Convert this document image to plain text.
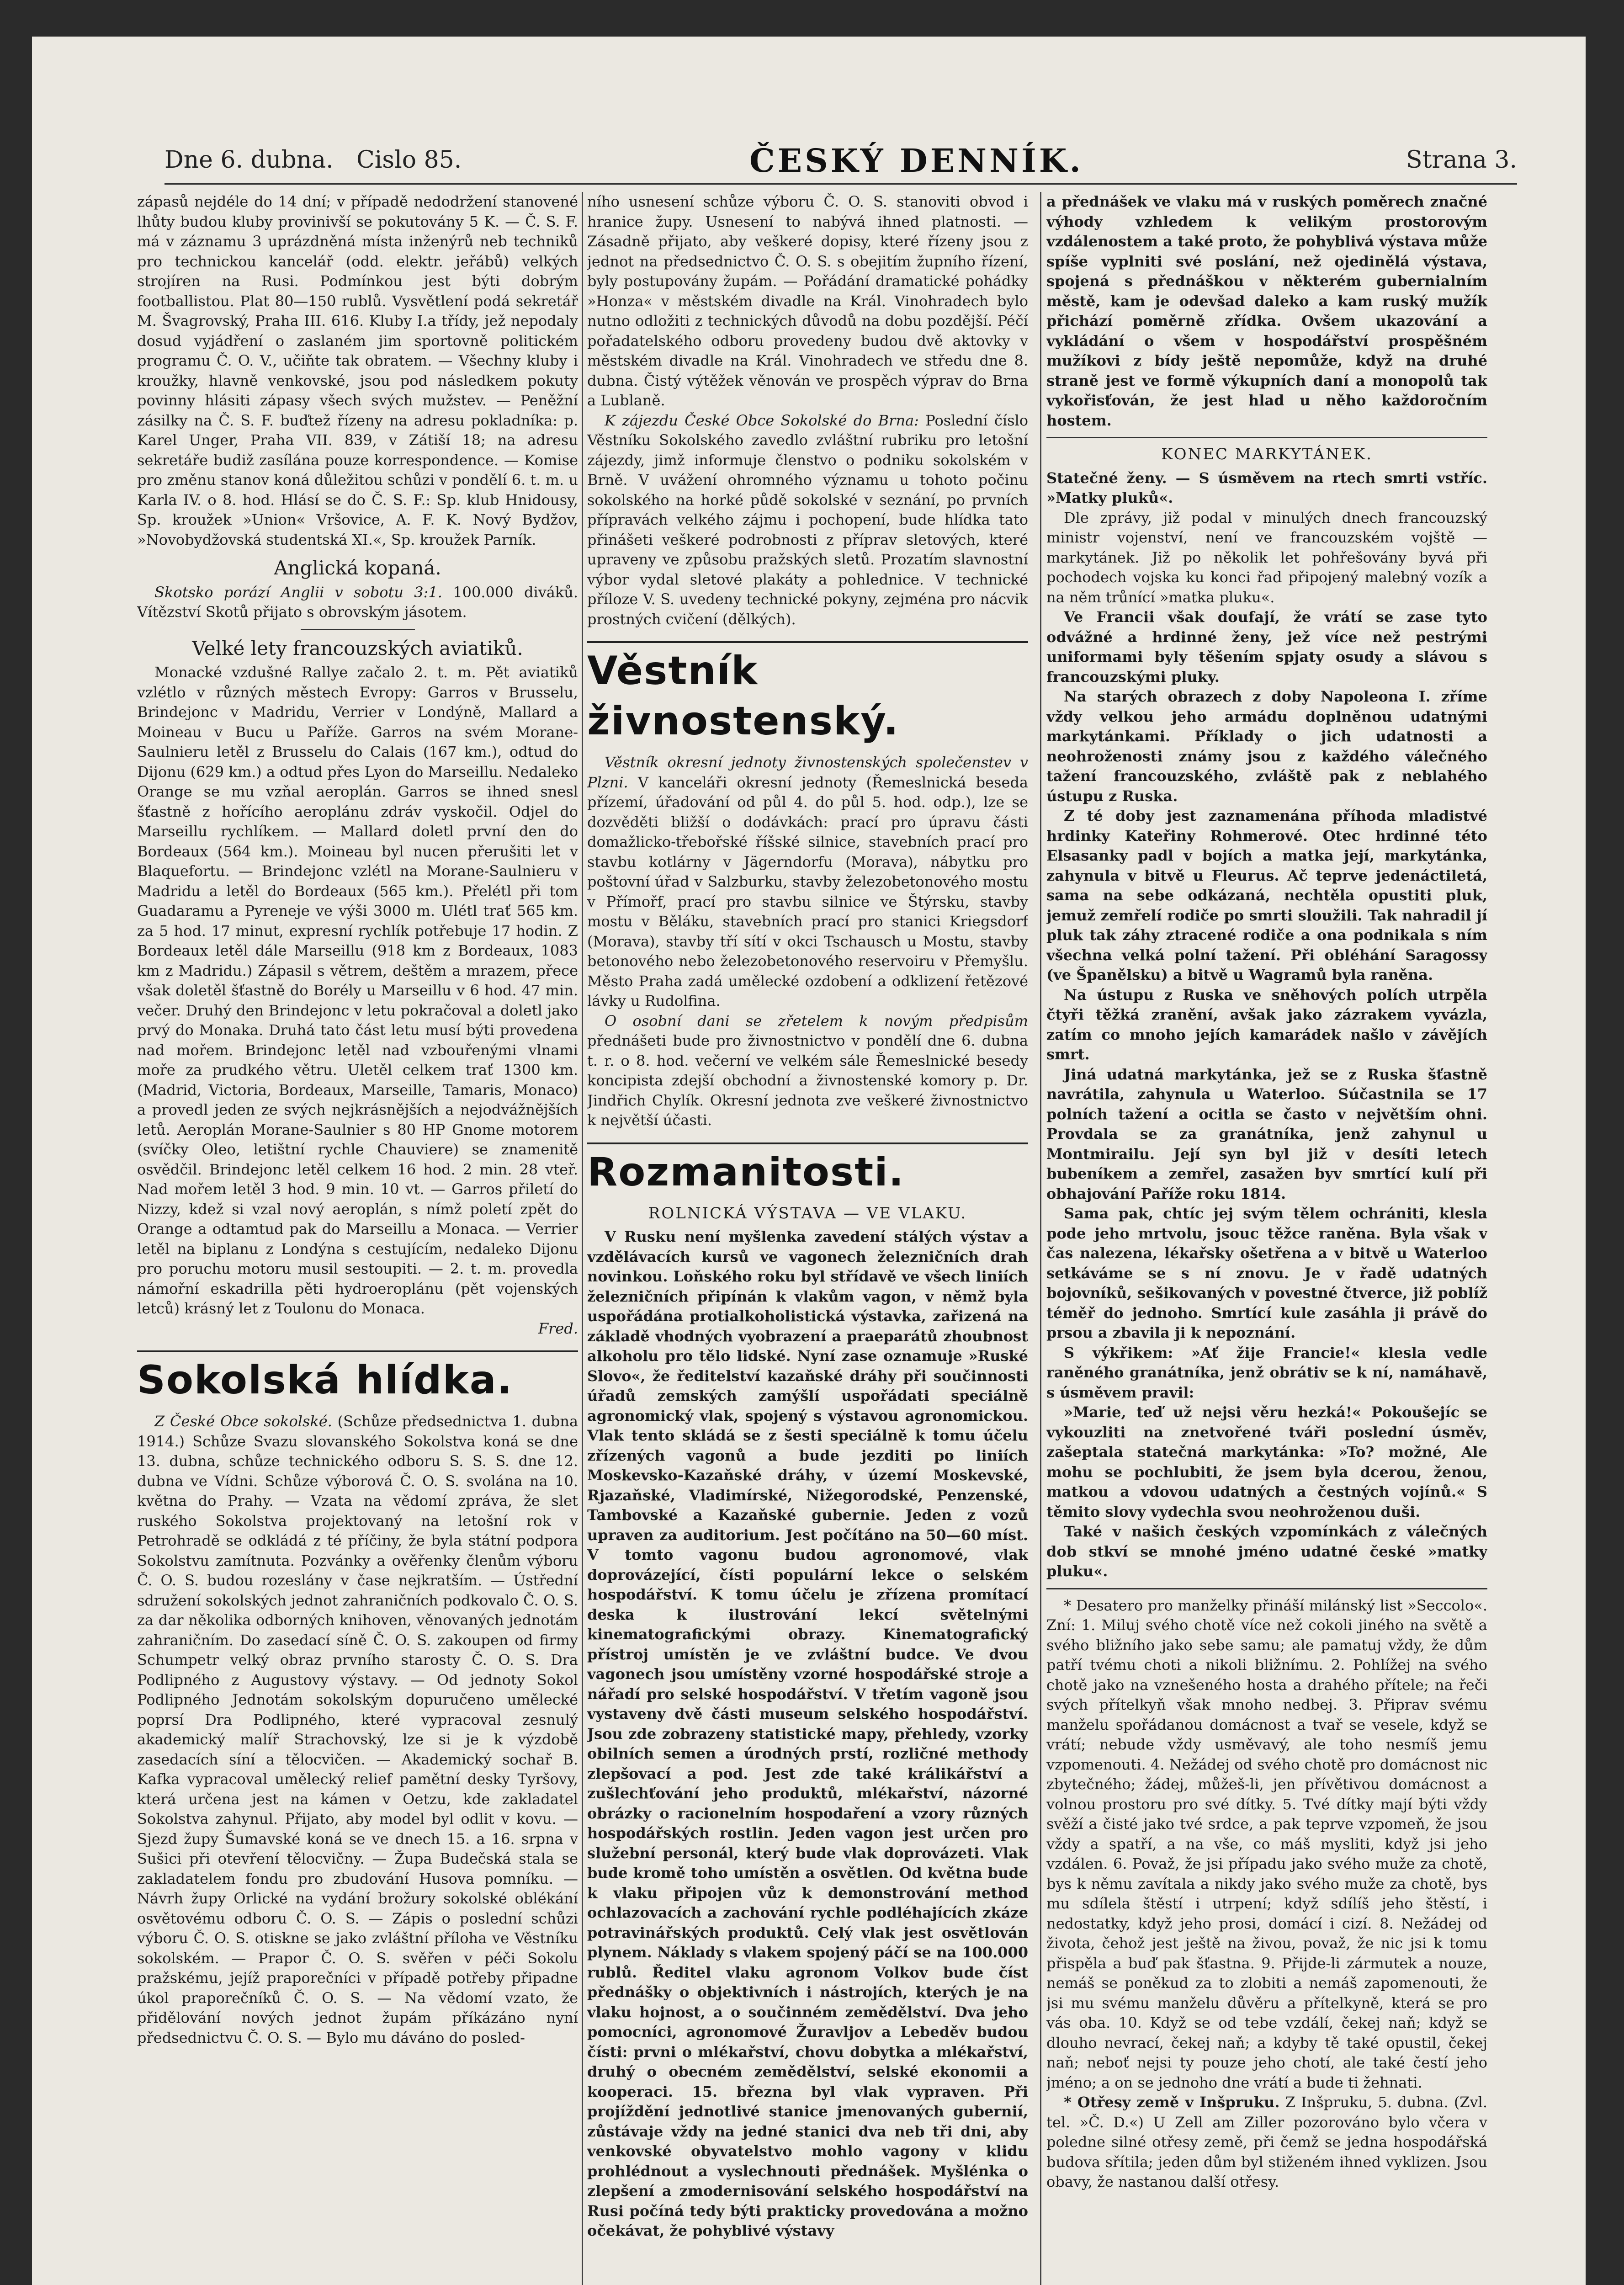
Dne 6. dubna. Cislo 85.	ČESKÝ DENNÍK.	Strana 3.

zápasů nejdéle do 14 dní; v případě nedodržení stanovené lhůty budou kluby provinivší se pokutovány 5 K. — Č. S. F. má v záznamu 3 uprázdněná místa inženýrů neb techniků pro technickou kancelář (odd. elektr. jeřábů) velkých strojíren na Rusi. Podmínkou jest býti dobrým footballistou. Plat 80—150 rublů. Vysvětlení podá sekretář M. Švagrovský, Praha III. 616. Kluby I.a třídy, jež nepodaly dosud vyjádření o zaslaném jim sportovně politickém programu Č. O. V., učiňte tak obratem. — Všechny kluby i kroužky, hlavně venkovské, jsou pod následkem pokuty povinny hlásiti zápasy všech svých mužstev. — Peněžní zásilky na Č. S. F. buďtež řízeny na adresu pokladníka: p. Karel Unger, Praha VII. 839, v Zátiší 18; na adresu sekretáře budiž zasílána pouze korrespondence. — Komise pro změnu stanov koná důležitou schůzi v pondělí 6. t. m. u Karla IV. o 8. hod. Hlásí se do Č. S. F.: Sp. klub Hnidousy, Sp. kroužek »Union« Vršovice, A. F. K. Nový Bydžov, »Novobydžovská studentská XI.«, Sp. kroužek Parník.

Anglická kopaná.

Skotsko porází Anglii v sobotu 3:1. 100.000 diváků. Vítězství Skotů přijato s obrovským jásotem.

Velké lety francouzských aviatiků.

Monacké vzdušné Rallye začalo 2. t. m. Pět aviatiků vzlétlo v různých městech Evropy: Garros v Brusselu, Brindejonc v Madridu, Verrier v Londýně, Mallard a Moineau v Bucu u Paříže. Garros na svém Morane-Saulnieru letěl z Brusselu do Calais (167 km.), odtud do Dijonu (629 km.) a odtud přes Lyon do Marseillu. Nedaleko Orange se mu vzňal aeroplán. Garros se ihned snesl šťastně z hořícího aeroplánu zdráv vyskočil. Odjel do Marseillu rychlíkem. — Mallard doletl první den do Bordeaux (564 km.). Moineau byl nucen přerušiti let v Blaquefortu. — Brindejonc vzlétl na Morane-Saulnieru v Madridu a letěl do Bordeaux (565 km.). Přelétl při tom Guadaramu a Pyreneje ve výši 3000 m. Ulétl trať 565 km. za 5 hod. 17 minut, expresní rychlík potřebuje 17 hodin. Z Bordeaux letěl dále Marseillu (918 km z Bordeaux, 1083 km z Madridu.) Zápasil s větrem, deštěm a mrazem, přece však doletěl šťastně do Borély u Marseillu v 6 hod. 47 min. večer. Druhý den Brindejonc v letu pokračoval a doletl jako prvý do Monaka. Druhá tato část letu musí býti provedena nad mořem. Brindejonc letěl nad vzbouřenými vlnami moře za prudkého větru. Uletěl celkem trať 1300 km. (Madrid, Victoria, Bordeaux, Marseille, Tamaris, Monaco) a provedl jeden ze svých nejkrásnějších a nejodvážnějších letů. Aeroplán Morane-Saulnier s 80 HP Gnome motorem (svíčky Oleo, letištní rychle Chauviere) se znamenitě osvědčil. Brindejonc letěl celkem 16 hod. 2 min. 28 vteř. Nad mořem letěl 3 hod. 9 min. 10 vt. — Garros přiletí do Nizzy, kdež si vzal nový aeroplán, s nímž poletí zpět do Orange a odtamtud pak do Marseillu a Monaca. — Verrier letěl na biplanu z Londýna s cestujícím, nedaleko Dijonu pro poruchu motoru musil sestoupiti. — 2. t. m. provedla námořní eskadrilla pěti hydroeroplánu (pět vojenských letců) krásný let z Toulonu do Monaca.

Fred.

Sokolská hlídka.

Z České Obce sokolské. (Schůze předsednictva 1. dubna 1914.) Schůze Svazu slovanského Sokolstva koná se dne 13. dubna, schůze technického odboru S. S. S. dne 12. dubna ve Vídni. Schůze výborová Č. O. S. svolána na 10. května do Prahy. — Vzata na vědomí zpráva, že slet ruského Sokolstva projektovaný na letošní rok v Petrohradě se odkládá z té příčiny, že byla státní podpora Sokolstvu zamítnuta. Pozvánky a ověřenky členům výboru Č. O. S. budou rozeslány v čase nejkratším. — Ústřední sdružení sokolských jednot zahraničních podkovalo Č. O. S. za dar několika odborných knihoven, věnovaných jednotám zahraničním. Do zasedací síně Č. O. S. zakoupen od firmy Schumpetr velký obraz prvního starosty Č. O. S. Dra Podlipného z Augustovy výstavy. — Od jednoty Sokol Podlipného Jednotám sokolským dopuručeno umělecké poprsí Dra Podlipného, které vypracoval zesnulý akademický malíř Strachovský, lze si je k výzdobě zasedacích síní a tělocvičen. — Akademický sochař B. Kafka vypracoval umělecký relief pamětní desky Tyršovy, která určena jest na kámen v Oetzu, kde zakladatel Sokolstva zahynul. Přijato, aby model byl odlit v kovu. — Sjezd župy Šumavské koná se ve dnech 15. a 16. srpna v Sušici při otevření tělocvičny. — Župa Budečská stala se zakladatelem fondu pro zbudování Husova pomníku. — Návrh župy Orlické na vydání brožury sokolské oblékání osvětovému odboru Č. O. S. — Zápis o poslední schůzi výboru Č. O. S. otiskne se jako zvláštní příloha ve Věstníku sokolském. — Prapor Č. O. S. svěřen v péči Sokolu pražskému, jejíž praporečníci v případě potřeby připadne úkol praporečníků Č. O. S. — Na vědomí vzato, že přidělování nových jednot župám příkázáno nyní předsednictvu Č. O. S. — Bylo mu dáváno do posled-

ního usnesení schůze výboru Č. O. S. stanoviti obvod i hranice župy. Usnesení to nabývá ihned platnosti. — Zásadně přijato, aby veškeré dopisy, které řízeny jsou z jednot na předsednictvo Č. O. S. s obejitím župního řízení, byly postupovány župám. — Pořádání dramatické pohádky »Honza« v městském divadle na Král. Vinohradech bylo nutno odložiti z technických důvodů na dobu pozdější. Péčí pořadatelského odboru provedeny budou dvě aktovky v městském divadle na Král. Vinohradech ve středu dne 8. dubna. Čistý výtěžek věnován ve prospěch výprav do Brna a Lublaně.

K zájezdu České Obce Sokolské do Brna: Poslední číslo Věstníku Sokolského zavedlo zvláštní rubriku pro letošní zájezdy, jimž informuje členstvo o podniku sokolském v Brně. V uvážení ohromného významu u tohoto počinu sokolského na horké půdě sokolské v seznání, po prvních přípravách velkého zájmu i pochopení, bude hlídka tato přinášeti veškeré podrobnosti z příprav sletových, které upraveny ve způsobu pražských sletů. Prozatím slavnostní výbor vydal sletové plakáty a pohlednice. V technické příloze V. S. uvedeny technické pokyny, zejména pro nácvik prostných cvičení (dělkých).

Věstník živnostenský.

Věstník okresní jednoty živnostenských společenstev v Plzni. V kanceláři okresní jednoty (Řemeslnická beseda přízemí, úřadování od půl 4. do půl 5. hod. odp.), lze se dozvěděti bližší o dodávkách: prací pro úpravu části domažlicko-třebořské říšské silnice, stavebních prací pro stavbu kotlárny v Jägerndorfu (Morava), nábytku pro poštovní úřad v Salzburku, stavby železobetonového mostu v Přímořf, prací pro stavbu silnice ve Štýrsku, stavby mostu v Běláku, stavebních prací pro stanici Kriegsdorf (Morava), stavby tří sítí v okci Tschausch u Mostu, stavby betonového nebo železobetonového reservoiru v Přemyšlu. Město Praha zadá umělecké ozdobení a odklizení řetězové lávky u Rudolfina.

O osobní dani se zřetelem k novým předpisům přednášeti bude pro živnostnictvo v pondělí dne 6. dubna t. r. o 8. hod. večerní ve velkém sále Řemeslnické besedy koncipista zdejší obchodní a živnostenské komory p. Dr. Jindřich Chylík. Okresní jednota zve veškeré živnostnictvo k největší účasti.

Rozmanitosti.

ROLNICKÁ VÝSTAVA — VE VLAKU.

V Rusku není myšlenka zavedení stálých výstav a vzdělávacích kursů ve vagonech železničních drah novinkou. Loňského roku byl střídavě ve všech liniích železničních připínán k vlakům vagon, v němž byla uspořádána protialkoholistická výstavka, zařizená na základě vhodných vyobrazení a praeparátů zhoubnost alkoholu pro tělo lidské. Nyní zase oznamuje »Ruské Slovo«, že ředitelství kazaňské dráhy při součinnosti úřadů zemských zamýšlí uspořádati speciálně agronomický vlak, spojený s výstavou agronomickou. Vlak tento skládá se z šesti speciálně k tomu účelu zřízených vagonů a bude jezditi po liniích Moskevsko-Kazaňské dráhy, v území Moskevské, Rjazaňské, Vladimírské, Nižegorodské, Penzenské, Tambovské a Kazaňské gubernie. Jeden z vozů upraven za auditorium. Jest počítáno na 50—60 míst. V tomto vagonu budou agronomové, vlak doprovázející, čísti populární lekce o selském hospodářství. K tomu účelu je zřízena promítací deska k ilustrování lekcí světelnými kinematografickými obrazy. Kinematografický přístroj umístěn je ve zvláštní budce. Ve dvou vagonech jsou umístěny vzorné hospodářské stroje a nářadí pro selské hospodářství. V třetím vagoně jsou vystaveny dvě části museum selského hospodářství. Jsou zde zobrazeny statistické mapy, přehledy, vzorky obilních semen a úrodných prstí, rozličné methody zlepšovací a pod. Jest zde také králikářství a zušlechťování jeho produktů, mlékařství, názorné obrázky o racionelním hospodaření a vzory různých hospodářských rostlin. Jeden vagon jest určen pro služební personál, který bude vlak doprovázeti. Vlak bude kromě toho umístěn a osvětlen. Od května bude k vlaku připojen vůz k demonstrování method ochlazovacích a zachování rychle podléhajících zkáze potravinářských produktů. Celý vlak jest osvětlován plynem. Náklady s vlakem spojený páčí se na 100.000 rublů. Ředitel vlaku agronom Volkov bude číst přednášky o objektivních i nástrojích, kterých je na vlaku hojnost, a o součinném zemědělství. Dva jeho pomocníci, agronomové Žuravljov a Lebeděv budou čísti: prvni o mlékařství, chovu dobytka a mlékařství, druhý o obecném zemědělství, selské ekonomii a kooperaci. 15. března byl vlak vypraven. Při projíždění jednotlivé stanice jmenovaných gubernií, zůstávaje vždy na jedné stanici dva neb tři dni, aby venkovské obyvatelstvo mohlo vagony v klidu prohlédnout a vyslechnouti přednášek. Myšlénka o zlepšení a zmodernisování selského hospodářství na Rusi počíná tedy býti prakticky provedována a možno očekávat, že pohyblivé výstavy

a přednášek ve vlaku má v ruských poměrech značné výhody vzhledem k velikým prostorovým vzdálenostem a také proto, že pohyblivá výstava může spíše vyplniti své poslání, než ojedinělá výstava, spojená s přednáškou v některém gubernialním městě, kam je odevšad daleko a kam ruský mužík přichází poměrně zřídka. Ovšem ukazování a vykládání o všem v hospodářství prospěšném mužíkovi z bídy ještě nepomůže, když na druhé straně jest ve formě výkupních daní a monopolů tak vykořisťován, že jest hlad u něho každoročním hostem.

KONEC MARKYTÁNEK.

Statečné ženy. — S úsměvem na rtech smrti vstříc. »Matky pluků«.

Dle zprávy, již podal v minulých dnech francouzský ministr vojenství, není ve francouzském vojště — markytánek. Již po několik let pohřešovány byvá při pochodech vojska ku konci řad připojený malebný vozík a na něm trůnící »matka pluku«.

Ve Francii však doufají, že vrátí se zase tyto odvážné a hrdinné ženy, jež více než pestrými uniformami byly těšením spjaty osudy a slávou s francouzskými pluky.

Na starých obrazech z doby Napoleona I. zříme vždy velkou jeho armádu doplněnou udatnými markytánkami. Příklady o jich udatnosti a neohroženosti známy jsou z každého válečného tažení francouzského, zvláště pak z neblahého ústupu z Ruska.

Z té doby jest zaznamenána příhoda mladistvé hrdinky Kateřiny Rohmerové. Otec hrdinné této Elsasanky padl v bojích a matka její, markytánka, zahynula v bitvě u Fleurus. Ač teprve jedenáctiletá, sama na sebe odkázaná, nechtěla opustiti pluk, jemuž zemřelí rodiče po smrti sloužili. Tak nahradil jí pluk tak záhy ztracené rodiče a ona podnikala s ním všechna velká polní tažení. Při obléhání Saragossy (ve Španělsku) a bitvě u Wagramů byla raněna.

Na ústupu z Ruska ve sněhových polích utrpěla čtyři těžká zranění, avšak jako zázrakem vyvázla, zatím co mnoho jejích kamarádek našlo v závějích smrt.

Jiná udatná markytánka, jež se z Ruska šťastně navrátila, zahynula u Waterloo. Súčastnila se 17 polních tažení a ocitla se často v největším ohni. Provdala se za granátníka, jenž zahynul u Montmirailu. Její syn byl již v desíti letech bubeníkem a zemřel, zasažen byv smrtící kulí při obhajování Paříže roku 1814.

Sama pak, chtíc jej svým tělem ochrániti, klesla pode jeho mrtvolu, jsouc těžce raněna. Byla však v čas nalezena, lékařsky ošetřena a v bitvě u Waterloo setkáváme se s ní znovu. Je v řadě udatných bojovníků, sešikovaných v povestné čtverce, již poblíž téměř do jednoho. Smrtící kule zasáhla ji právě do prsou a zbavila ji k nepoznání.

S výkřikem: »Ať žije Francie!« klesla vedle raněného granátníka, jenž obrátiv se k ní, namáhavě, s úsměvem pravil:

»Marie, teď už nejsi věru hezká!« Pokoušejíc se vykouzliti na znetvořené tváři poslední úsměv, zašeptala statečná markytánka: »To? možné, Ale mohu se pochlubiti, že jsem byla dcerou, ženou, matkou a vdovou udatných a čestných vojínů.« S těmito slovy vydechla svou neohroženou duši.

Také v našich českých vzpomínkách z válečných dob stkví se mnohé jméno udatné české »matky pluku«.

* Desatero pro manželky přináší milánský list »Seccolo«. Zní: 1. Miluj svého chotě více než cokoli jiného na světě a svého bližního jako sebe samu; ale pamatuj vždy, že dům patří tvému choti a nikoli bližnímu. 2. Pohlížej na svého chotě jako na vznešeného hosta a drahého přítele; na řeči svých přítelkyň však mnoho nedbej. 3. Připrav svému manželu spořádanou domácnost a tvař se vesele, když se vrátí; nebude vždy usměvavý, ale toho nesmíš jemu vzpomenouti. 4. Nežádej od svého chotě pro domácnost nic zbytečného; žádej, můžeš-li, jen přívětivou domácnost a volnou prostoru pro své dítky. 5. Tvé dítky mají býti vždy svěží a čisté jako tvé srdce, a pak teprve vzpomeň, že jsou vždy a spatří, a na vše, co máš mysliti, když jsi jeho vzdálen. 6. Považ, že jsi případu jako svého muže za chotě, bys k němu zavítala a nikdy jako svého muže za chotě, bys mu sdílela štěstí i utrpení; když sdílíš jeho štěstí, i nedostatky, když jeho prosi, domácí i cizí. 8. Nežádej od života, čehož jest ještě na živou, považ, že nic jsi k tomu přispěla a buď pak šťastna. 9. Přijde-li zármutek a nouze, nemáš se poněkud za to zlobiti a nemáš zapomenouti, že jsi mu svému manželu důvěru a přítelkyně, která se pro vás oba. 10. Když se od tebe vzdálí, čekej naň; když se dlouho nevrací, čekej naň; a kdyby tě také opustil, čekej naň; neboť nejsi ty pouze jeho chotí, ale také čestí jeho jméno; a on se jednoho dne vrátí a bude ti žehnati.

* Otřesy země v Inšpruku. Z Inšpruku, 5. dubna. (Zvl. tel. »Č. D.«) U Zell am Ziller pozorováno bylo včera v poledne silné otřesy země, při čemž se jedna hospodářská budova sřítila; jeden dům byl stiženém ihned vyklizen. Jsou obavy, že nastanou další otřesy.
